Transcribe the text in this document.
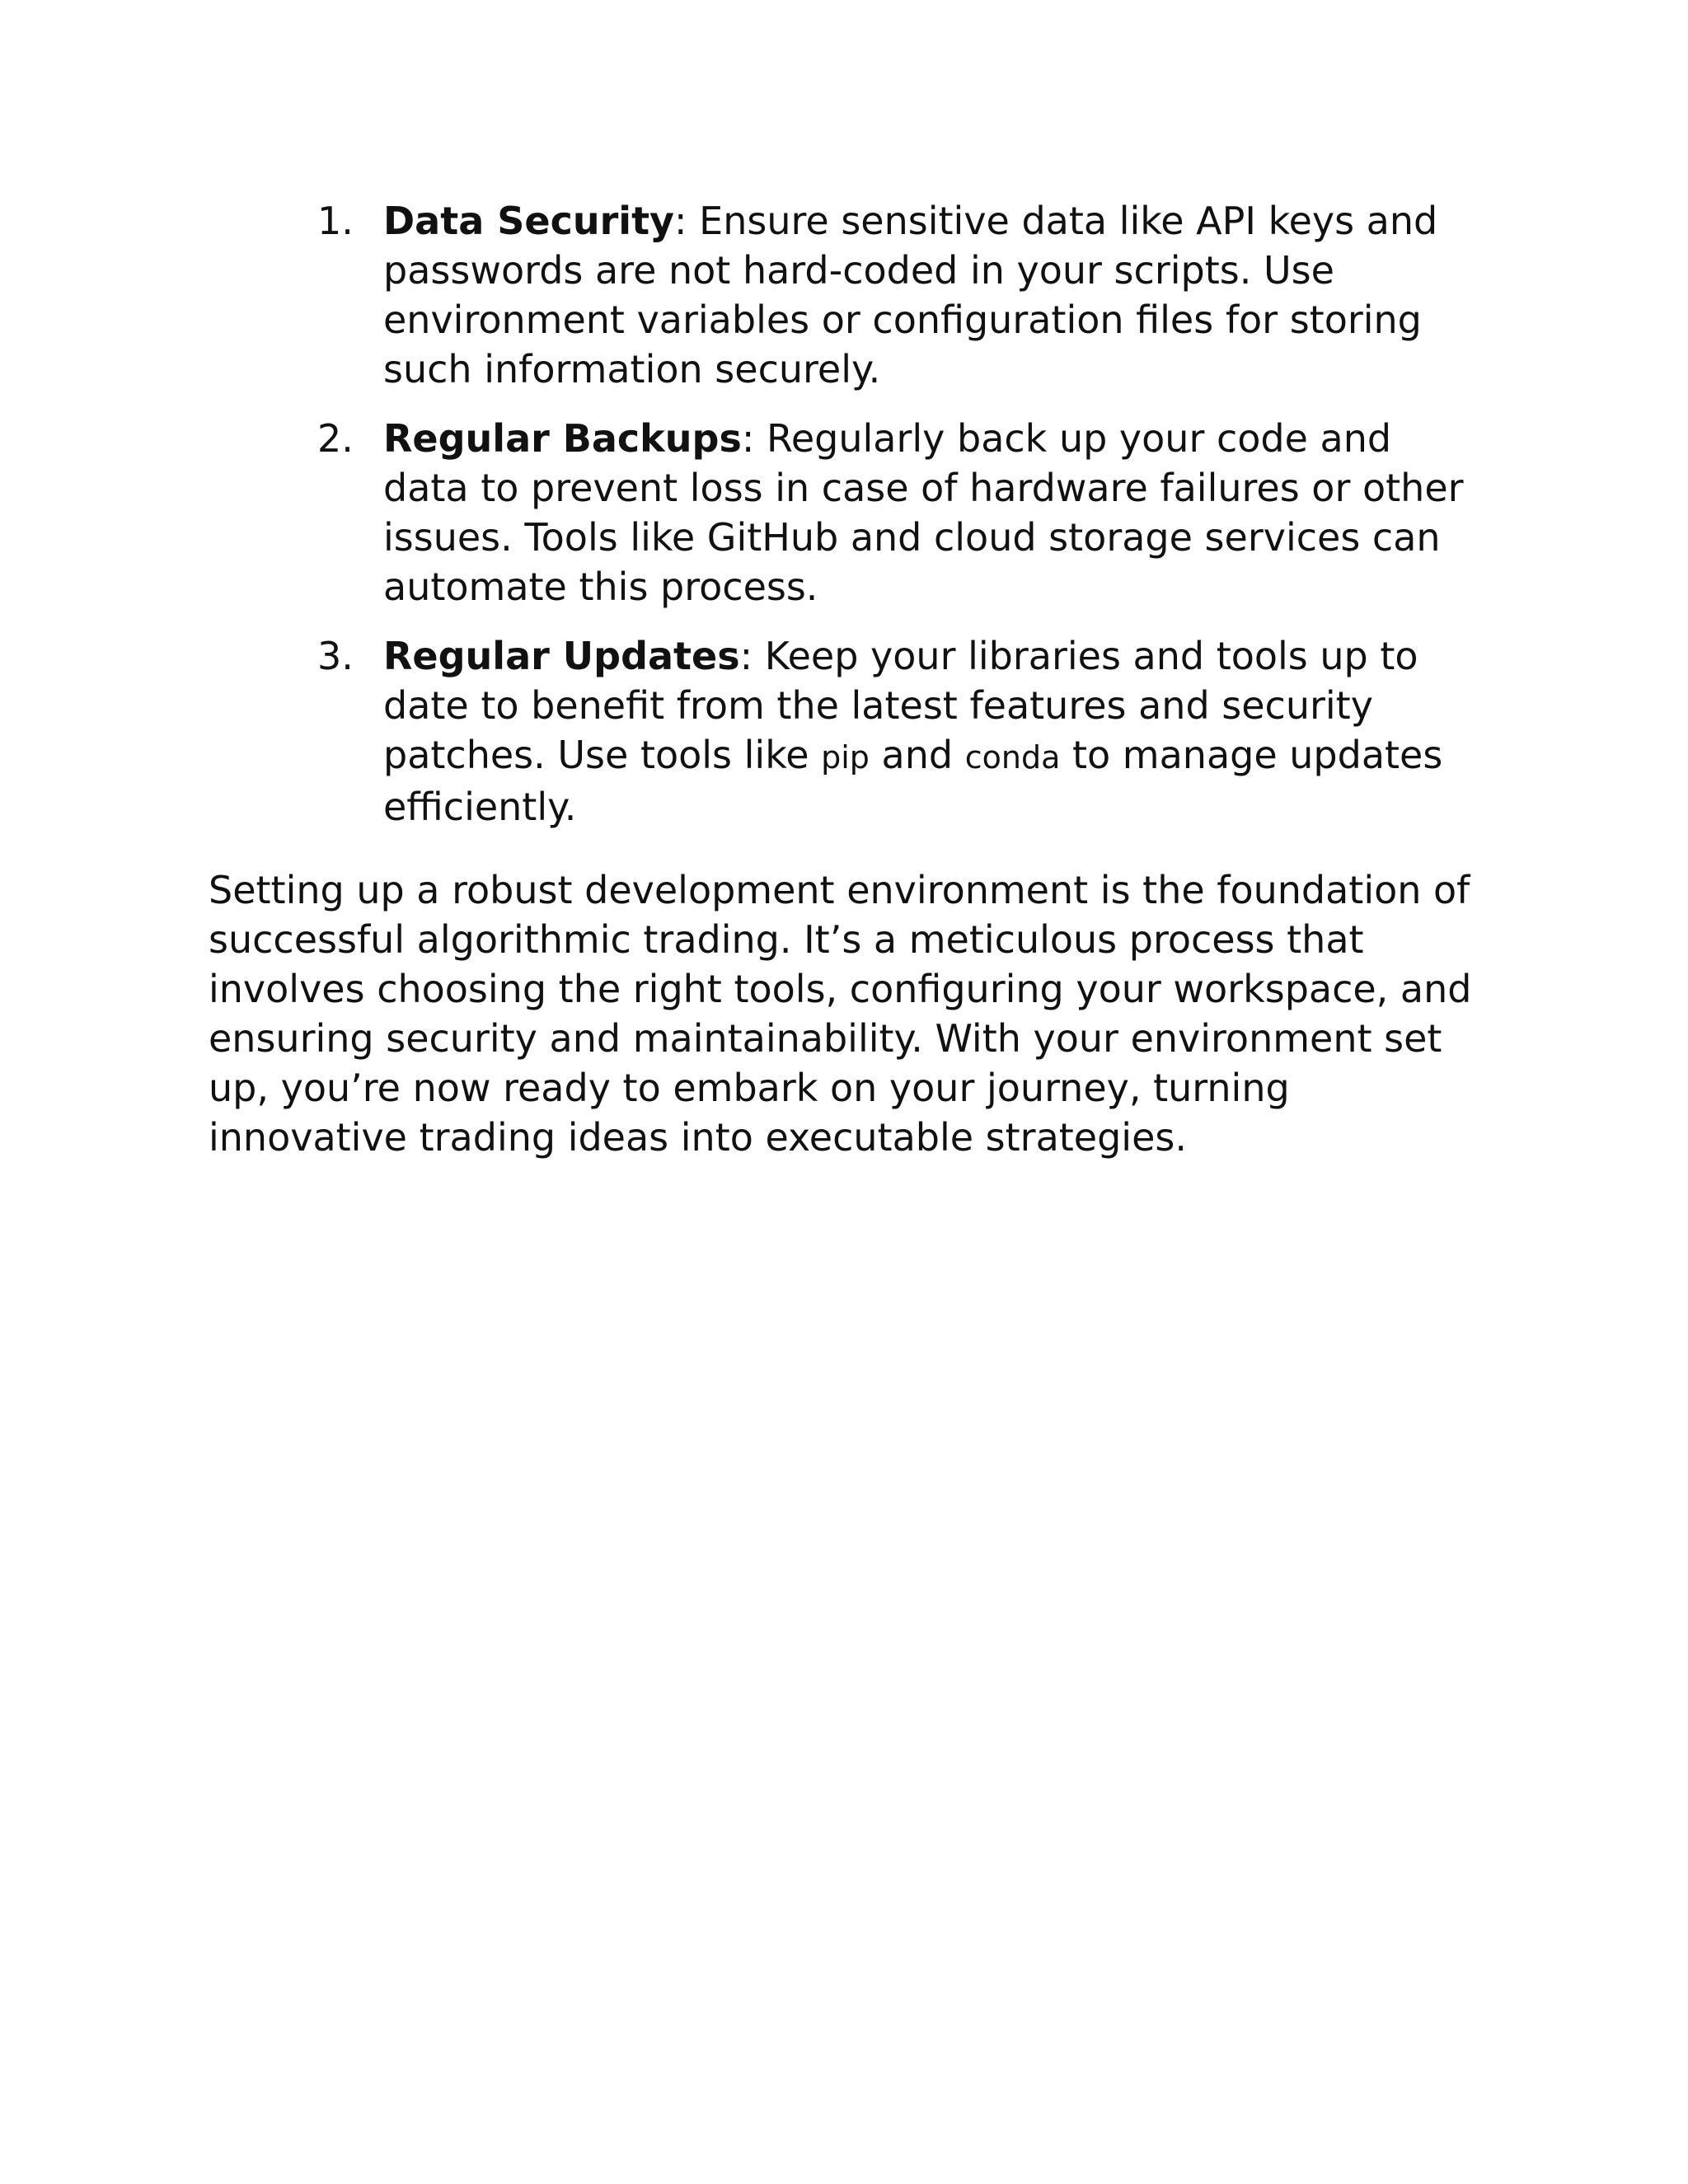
1. Data Security: Ensure sensitive data like API keys and passwords are not hard-coded in your scripts. Use environment variables or configuration files for storing such information securely.
2. Regular Backups: Regularly back up your code and data to prevent loss in case of hardware failures or other issues. Tools like GitHub and cloud storage services can automate this process.
3. Regular Updates: Keep your libraries and tools up to date to benefit from the latest features and security patches. Use tools like pip and conda to manage updates efficiently.

Setting up a robust development environment is the foundation of successful algorithmic trading. It’s a meticulous process that involves choosing the right tools, configuring your workspace, and ensuring security and maintainability. With your environment set up, you’re now ready to embark on your journey, turning innovative trading ideas into executable strategies.
